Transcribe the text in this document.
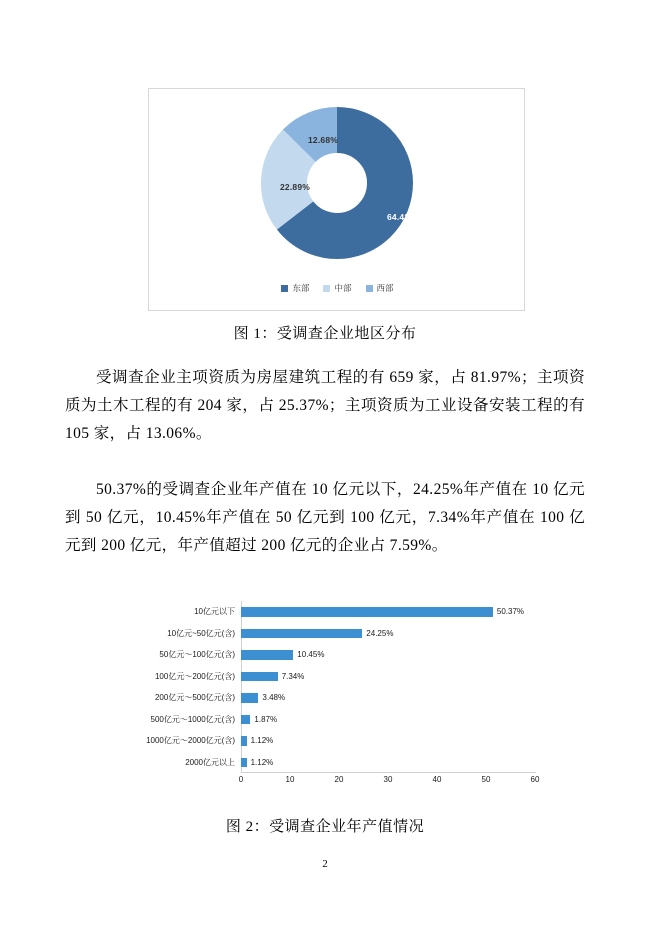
64.43%
22.89%
12.68%
东部	中部	西部
图 1：受调查企业地区分布

受调查企业主项资质为房屋建筑工程的有 659 家，占 81.97%；主项资质为土木工程的有 204 家，占 25.37%；主项资质为工业设备安装工程的有 105 家，占 13.06%。

50.37%的受调查企业年产值在 10 亿元以下，24.25%年产值在 10 亿元到 50 亿元，10.45%年产值在 50 亿元到 100 亿元，7.34%年产值在 100 亿元到 200 亿元，年产值超过 200 亿元的企业占 7.59%。

10亿元以下	50.37%
10亿元~50亿元(含)	24.25%
50亿元～100亿元(含)	10.45%
100亿元～200亿元(含)	7.34%
200亿元～500亿元(含)	3.48%
500亿元～1000亿元(含)	1.87%
1000亿元～2000亿元(含)	1.12%
2000亿元以上	1.12%
0	10	20	30	40	50	60
图 2：受调查企业年产值情况
2
